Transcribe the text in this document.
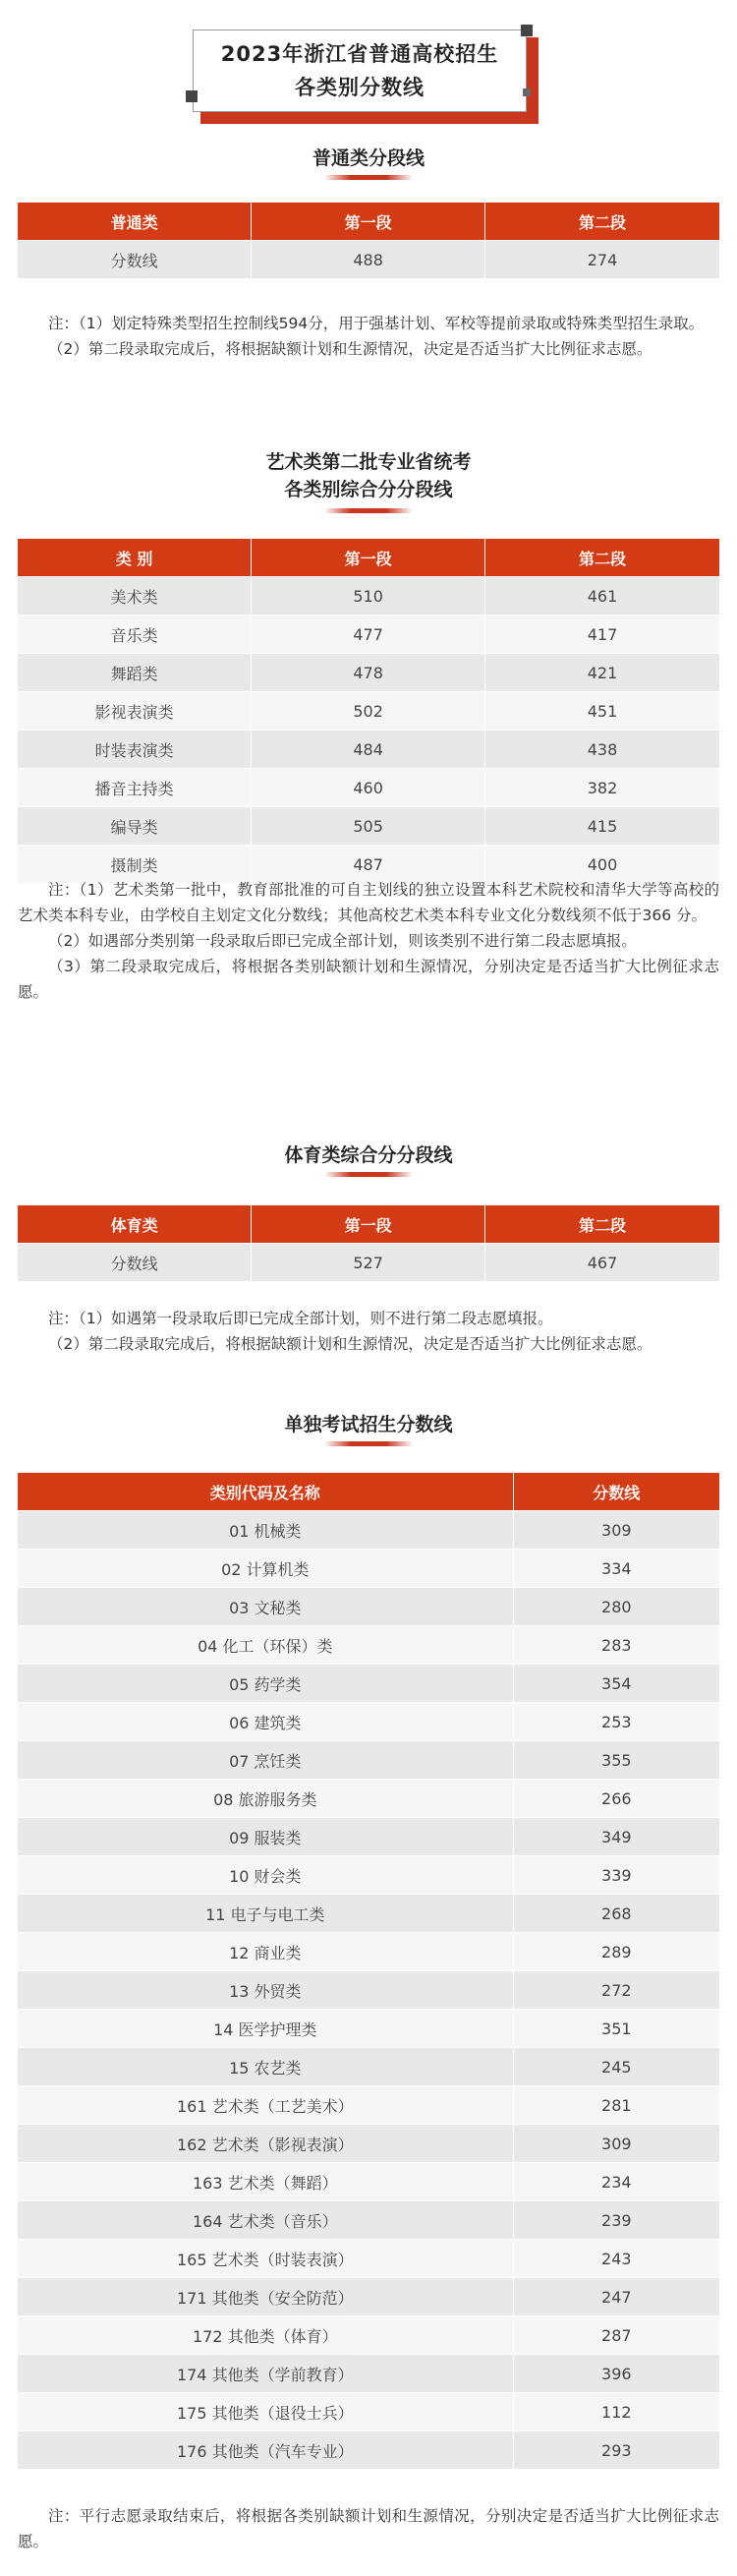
2023年浙江省普通高校招生
各类别分数线
普通类分段线
普通类	第一段	第二段
分数线	488	274

注：（1）划定特殊类型招生控制线594分，用于强基计划、军校等提前录取或特殊类型招生录取。

（2）第二段录取完成后，将根据缺额计划和生源情况，决定是否适当扩大比例征求志愿。

艺术类第二批专业省统考
各类别综合分分段线
类 别	第一段	第二段
美术类	510	461
音乐类	477	417
舞蹈类	478	421
影视表演类	502	451
时装表演类	484	438
播音主持类	460	382
编导类	505	415
摄制类	487	400

注：（1）艺术类第一批中，教育部批准的可自主划线的独立设置本科艺术院校和清华大学等高校的艺术类本科专业，由学校自主划定文化分数线；其他高校艺术类本科专业文化分数线须不低于366 分。

（2）如遇部分类别第一段录取后即已完成全部计划，则该类别不进行第二段志愿填报。

（3）第二段录取完成后，将根据各类别缺额计划和生源情况，分别决定是否适当扩大比例征求志愿。

体育类综合分分段线
体育类	第一段	第二段
分数线	527	467

注：（1）如遇第一段录取后即已完成全部计划，则不进行第二段志愿填报。

（2）第二段录取完成后，将根据缺额计划和生源情况，决定是否适当扩大比例征求志愿。

单独考试招生分数线
类别代码及名称	分数线
01 机械类	309
02 计算机类	334
03 文秘类	280
04 化工（环保）类	283
05 药学类	354
06 建筑类	253
07 烹饪类	355
08 旅游服务类	266
09 服装类	349
10 财会类	339
11 电子与电工类	268
12 商业类	289
13 外贸类	272
14 医学护理类	351
15 农艺类	245
161 艺术类（工艺美术）	281
162 艺术类（影视表演）	309
163 艺术类（舞蹈）	234
164 艺术类（音乐）	239
165 艺术类（时装表演）	243
171 其他类（安全防范）	247
172 其他类（体育）	287
174 其他类（学前教育）	396
175 其他类（退役士兵）	112
176 其他类（汽车专业）	293

注：平行志愿录取结束后，将根据各类别缺额计划和生源情况，分别决定是否适当扩大比例征求志愿。
